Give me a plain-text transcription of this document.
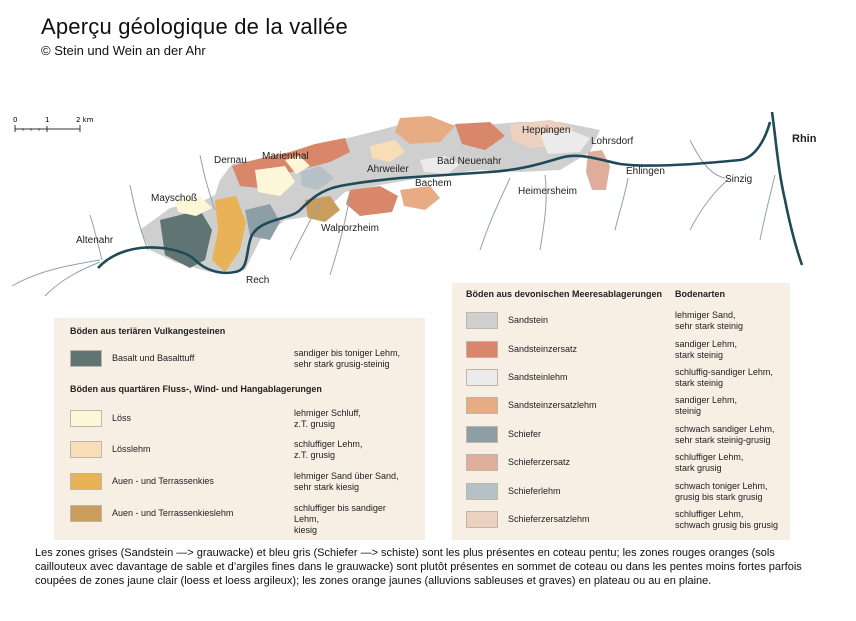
Aperçu géologique de la vallée
© Stein und Wein an der Ahr
0	1	2 km
Rhin
Altenahr
Mayschoß
Rech
Dernau Marienthal
Walporzheim
Ahrweiler
Bad Neuenahr
Bachem
Heppingen
Lohrsdorf
Heimersheim
Ehlingen
Sinzig
Böden aus teriären Vulkangesteinen
Basalt und Basalttuff	sandiger bis toniger Lehm,
sehr stark grusig-steinig
Böden aus quartären Fluss-, Wind- und Hangablagerungen
Löss	lehmiger Schluff,
z.T. grusig
Lösslehm	schluffiger Lehm,
z.T. grusig
Auen - und Terrassenkies	lehmiger Sand über Sand,
sehr stark kiesig
Auen - und Terrassenkieslehm	schluffiger bis sandiger Lehm,
kiesig
Böden aus devonischen Meeresablagerungen Bodenarten
Sandstein	lehmiger Sand,
sehr stark steinig
Sandsteinzersatz	sandiger Lehm,
stark steinig
Sandsteinlehm	schluffig-sandiger Lehm,
stark steinig
Sandsteinzersatzlehm	sandiger Lehm,
steinig
Schiefer	schwach sandiger Lehm,
sehr stark steinig-grusig
Schieferzersatz	schluffiger Lehm,
stark grusig
Schieferlehm	schwach toniger Lehm,
grusig bis stark grusig
Schieferzersatzlehm	schluffiger Lehm,
schwach grusig bis grusig
Les zones grises (Sandstein —> grauwacke) et bleu gris (Schiefer —> schiste) sont les plus présentes en coteau pentu; les zones rouges oranges (sols caillouteux avec davantage de sable et d’argiles fines dans le grauwacke) sont plutôt présentes en sommet de coteau ou dans les pentes moins fortes parfois coupées de zones jaune clair (loess et loess argileux); les zones orange jaunes (alluvions sableuses et graves) en plateau ou au en plaine.
